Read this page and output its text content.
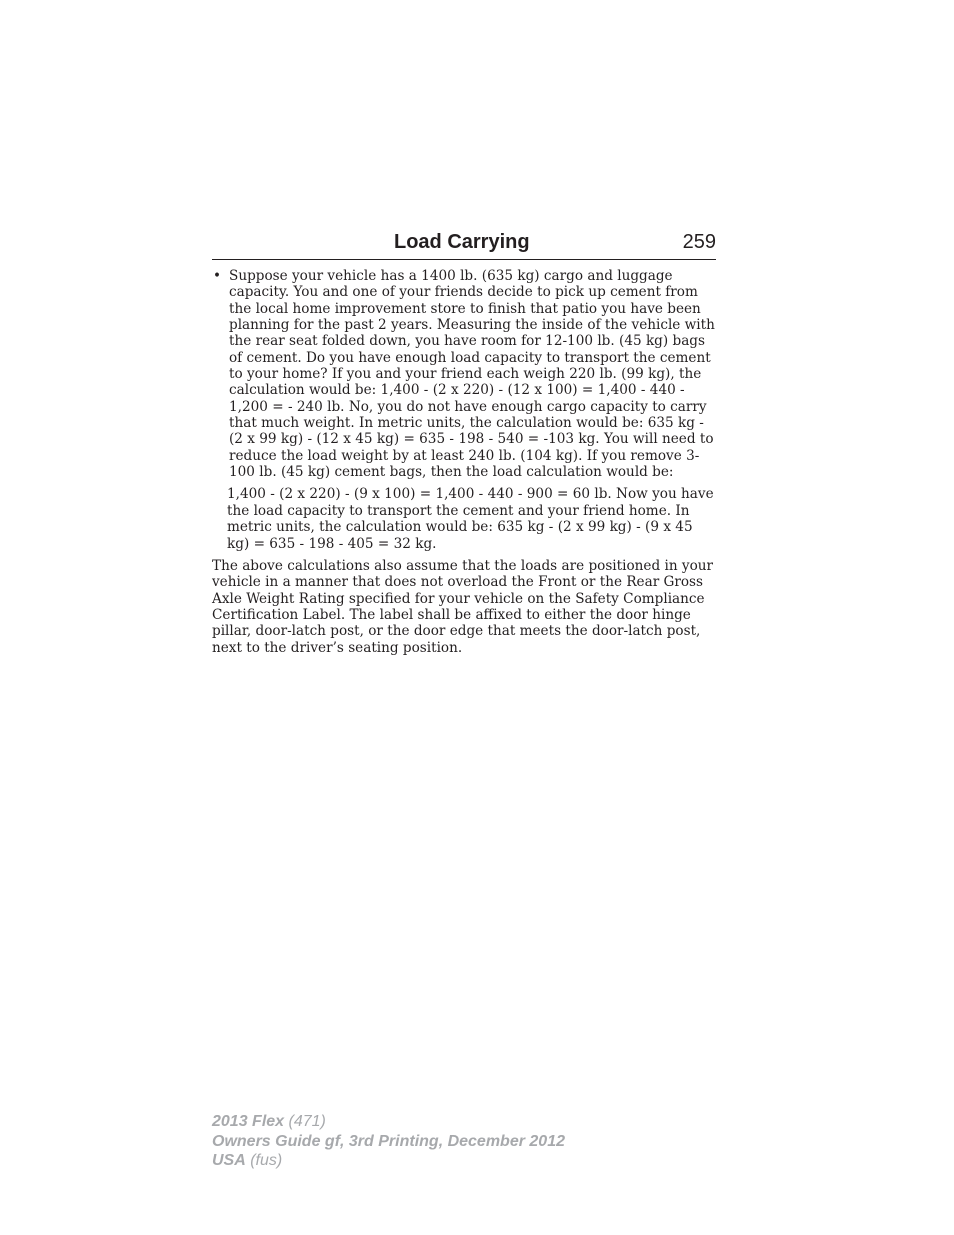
Load Carrying	259
• Suppose your vehicle has a 1400 lb. (635 kg) cargo and luggage capacity. You and one of your friends decide to pick up cement from the local home improvement store to finish that patio you have been planning for the past 2 years. Measuring the inside of the vehicle with the rear seat folded down, you have room for 12-100 lb. (45 kg) bags of cement. Do you have enough load capacity to transport the cement to your home? If you and your friend each weigh 220 lb. (99 kg), the calculation would be: 1,400 - (2 x 220) - (12 x 100) = 1,400 - 440 - 1,200 = - 240 lb. No, you do not have enough cargo capacity to carry that much weight. In metric units, the calculation would be: 635 kg - (2 x 99 kg) - (12 x 45 kg) = 635 - 198 - 540 = -103 kg. You will need to reduce the load weight by at least 240 lb. (104 kg). If you remove 3-100 lb. (45 kg) cement bags, then the load calculation would be:

1,400 - (2 x 220) - (9 x 100) = 1,400 - 440 - 900 = 60 lb. Now you have the load capacity to transport the cement and your friend home. In metric units, the calculation would be: 635 kg - (2 x 99 kg) - (9 x 45 kg) = 635 - 198 - 405 = 32 kg.

The above calculations also assume that the loads are positioned in your vehicle in a manner that does not overload the Front or the Rear Gross Axle Weight Rating specified for your vehicle on the Safety Compliance Certification Label. The label shall be affixed to either the door hinge pillar, door-latch post, or the door edge that meets the door-latch post, next to the driver’s seating position.

2013 Flex (471)
Owners Guide gf, 3rd Printing, December 2012
USA (fus)
